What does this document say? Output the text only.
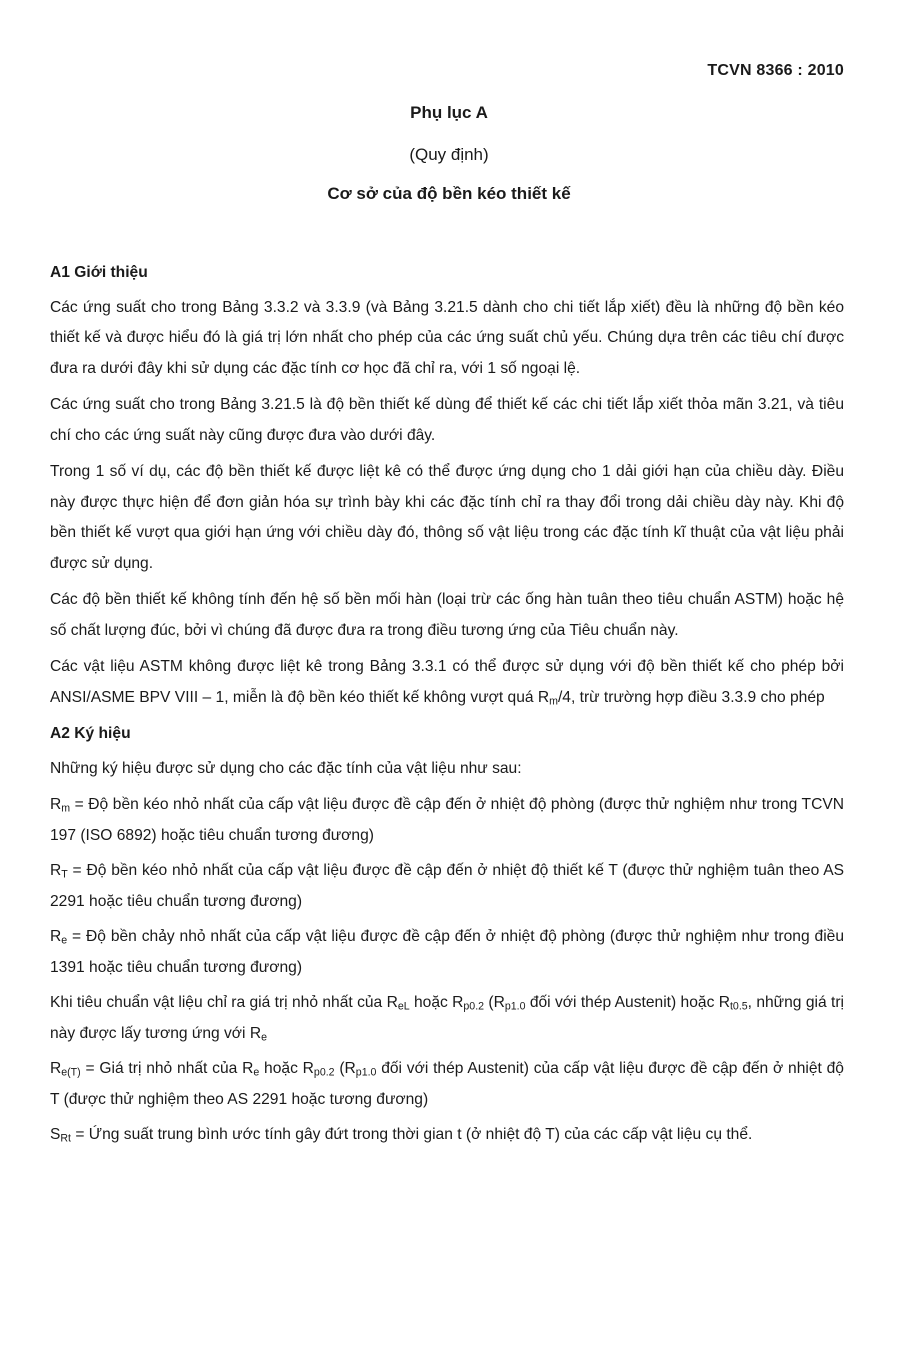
TCVN 8366 : 2010
Phụ lục A
(Quy định)
Cơ sở của độ bền kéo thiết kế
A1 Giới thiệu

Các ứng suất cho trong Bảng 3.3.2 và 3.3.9 (và Bảng 3.21.5 dành cho chi tiết lắp xiết) đều là những độ bền kéo thiết kế và được hiểu đó là giá trị lớn nhất cho phép của các ứng suất chủ yếu. Chúng dựa trên các tiêu chí được đưa ra dưới đây khi sử dụng các đặc tính cơ học đã chỉ ra, với 1 số ngoại lệ.

Các ứng suất cho trong Bảng 3.21.5 là độ bền thiết kế dùng để thiết kế các chi tiết lắp xiết thỏa mãn 3.21, và tiêu chí cho các ứng suất này cũng được đưa vào dưới đây.

Trong 1 số ví dụ, các độ bền thiết kế được liệt kê có thể được ứng dụng cho 1 dải giới hạn của chiều dày. Điều này được thực hiện để đơn giản hóa sự trình bày khi các đặc tính chỉ ra thay đổi trong dải chiều dày này. Khi độ bền thiết kế vượt qua giới hạn ứng với chiều dày đó, thông số vật liệu trong các đặc tính kĩ thuật của vật liệu phải được sử dụng.

Các độ bền thiết kế không tính đến hệ số bền mối hàn (loại trừ các ống hàn tuân theo tiêu chuẩn ASTM) hoặc hệ số chất lượng đúc, bởi vì chúng đã được đưa ra trong điều tương ứng của Tiêu chuẩn này.

Các vật liệu ASTM không được liệt kê trong Bảng 3.3.1 có thể được sử dụng với độ bền thiết kế cho phép bởi ANSI/ASME BPV VIII – 1, miễn là độ bền kéo thiết kế không vượt quá $R_m/4$, trừ trường hợp điều 3.3.9 cho phép

A2 Ký hiệu

Những ký hiệu được sử dụng cho các đặc tính của vật liệu như sau:

$R_m$ = Độ bền kéo nhỏ nhất của cấp vật liệu được đề cập đến ở nhiệt độ phòng (được thử nghiệm như trong TCVN 197 (ISO 6892) hoặc tiêu chuẩn tương đương)

$R_T$ = Độ bền kéo nhỏ nhất của cấp vật liệu được đề cập đến ở nhiệt độ thiết kế T (được thử nghiệm tuân theo AS 2291 hoặc tiêu chuẩn tương đương)

$R_e$ = Độ bền chảy nhỏ nhất của cấp vật liệu được đề cập đến ở nhiệt độ phòng (được thử nghiệm như trong điều 1391 hoặc tiêu chuẩn tương đương)

Khi tiêu chuẩn vật liệu chỉ ra giá trị nhỏ nhất của $R_{eL}$ hoặc $R_{p0.2}$ ($R_{p1.0}$ đối với thép Austenit) hoặc $R_{t0.5}$, những giá trị này được lấy tương ứng với $R_e$

$R_{e(T)}$ = Giá trị nhỏ nhất của $R_e$ hoặc $R_{p0.2}$ ($R_{p1.0}$ đối với thép Austenit) của cấp vật liệu được đề cập đến ở nhiệt độ T (được thử nghiệm theo AS 2291 hoặc tương đương)

$S_{Rt}$ = Ứng suất trung bình ước tính gây đứt trong thời gian t (ở nhiệt độ T) của các cấp vật liệu cụ thể.
